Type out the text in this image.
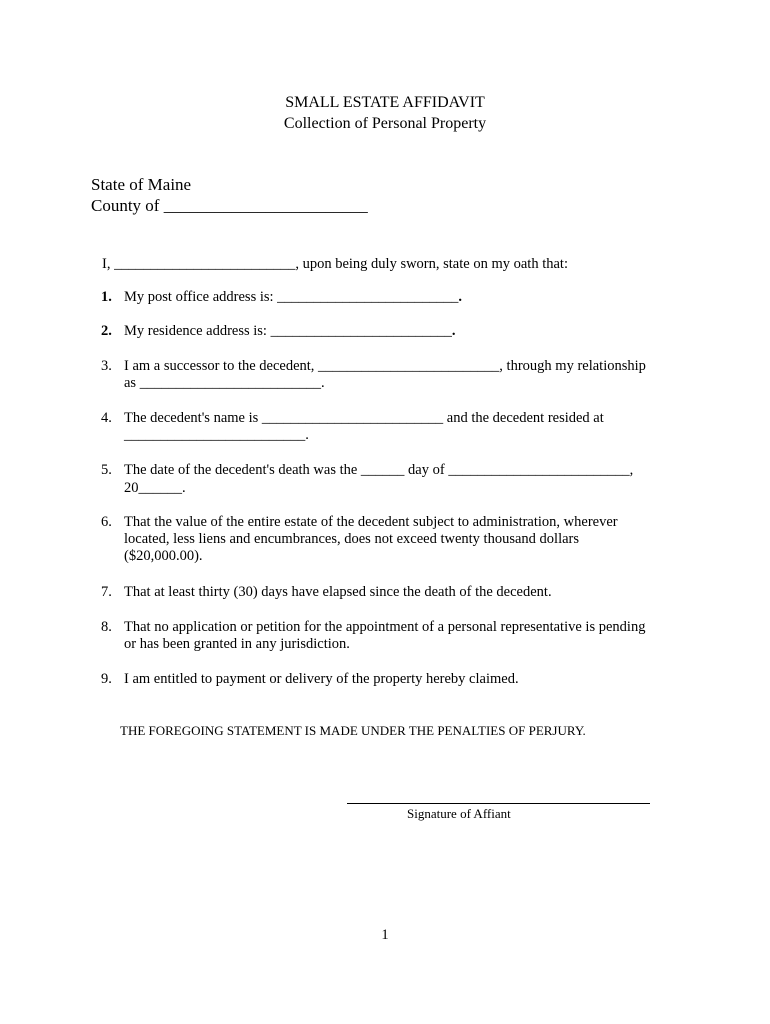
SMALL ESTATE AFFIDAVIT
Collection of Personal Property
State of Maine
County of ________________________
I, _________________________, upon being duly sworn, state on my oath that:
1. My post office address is: _________________________.
2. My residence address is: _________________________.
3. I am a successor to the decedent, _________________________, through my relationship
as _________________________.
4. The decedent's name is _________________________ and the decedent resided at
_________________________.
5. The date of the decedent's death was the ______ day of _________________________,
20______.
6. That the value of the entire estate of the decedent subject to administration, wherever
located, less liens and encumbrances, does not exceed twenty thousand dollars
($20,000.00).
7. That at least thirty (30) days have elapsed since the death of the decedent.
8. That no application or petition for the appointment of a personal representative is pending
or has been granted in any jurisdiction.
9. I am entitled to payment or delivery of the property hereby claimed.
THE FOREGOING STATEMENT IS MADE UNDER THE PENALTIES OF PERJURY.
Signature of Affiant
1
